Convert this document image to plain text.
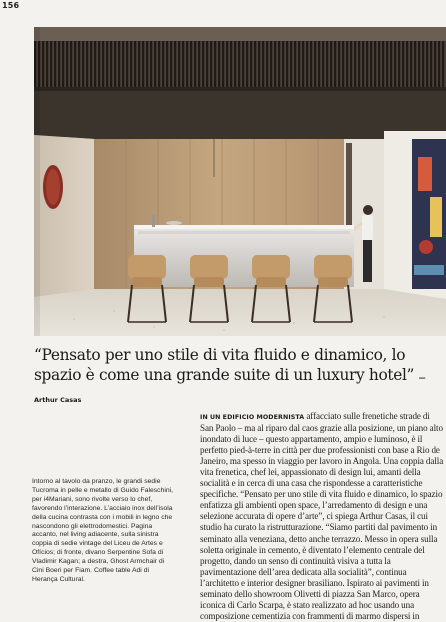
156

“Pensato per uno stile di vita fluido e dinamico, lo spazio è come una grande suite di un luxury hotel” — Arthur Casas

Intorno al tavolo da pranzo, le grandi sedie Tucroma in pelle e metallo di Guido Faleschini, per i4Mariani, sono rivolte verso lo chef, favorendo l’interazione. L’acciaio inox dell’isola della cucina contrasta con i mobili in legno che nascondono gli elettrodomestici. Pagina accanto, nel living adiacente, sulla sinistra coppia di sedie vintage del Liceu de Artes e Ofícios; di fronte, divano Serpentine Sofa di Vladimir Kagan; a destra, Ghost Armchair di Cini Boeri per Fiam. Coffee table Adi di Herança Cultural.

IN UN EDIFICIO MODERNISTA affacciato sulle frenetiche strade di San Paolo – ma al riparo dal caos grazie alla posizione, un piano alto inondato di luce – questo appartamento, ampio e luminoso, è il perfetto pied-à-terre in città per due professionisti con base a Rio de Janeiro, ma spesso in viaggio per lavoro in Angola. Una coppia dalla vita frenetica, chef lei, appassionato di design lui, amanti della socialità e in cerca di una casa che rispondesse a caratteristiche specifiche. “Pensato per uno stile di vita fluido e dinamico, lo spazio enfatizza gli ambienti open space, l’arredamento di design e una selezione accurata di opere d’arte”, ci spiega Arthur Casas, il cui studio ha curato la ristrutturazione. “Siamo partiti dal pavimento in seminato alla veneziana, detto anche terrazzo. Messo in opera sulla soletta originale in cemento, è diventato l’elemento centrale del progetto, dando un senso di continuità visiva a tutta la pavimentazione dell’area dedicata alla socialità”, continua l’architetto e interior designer brasiliano. Ispirato ai pavimenti in seminato dello showroom Olivetti di piazza San Marco, opera iconica di Carlo Scarpa, è stato realizzato ad hoc usando una composizione cementizia con frammenti di marmo dispersi in
